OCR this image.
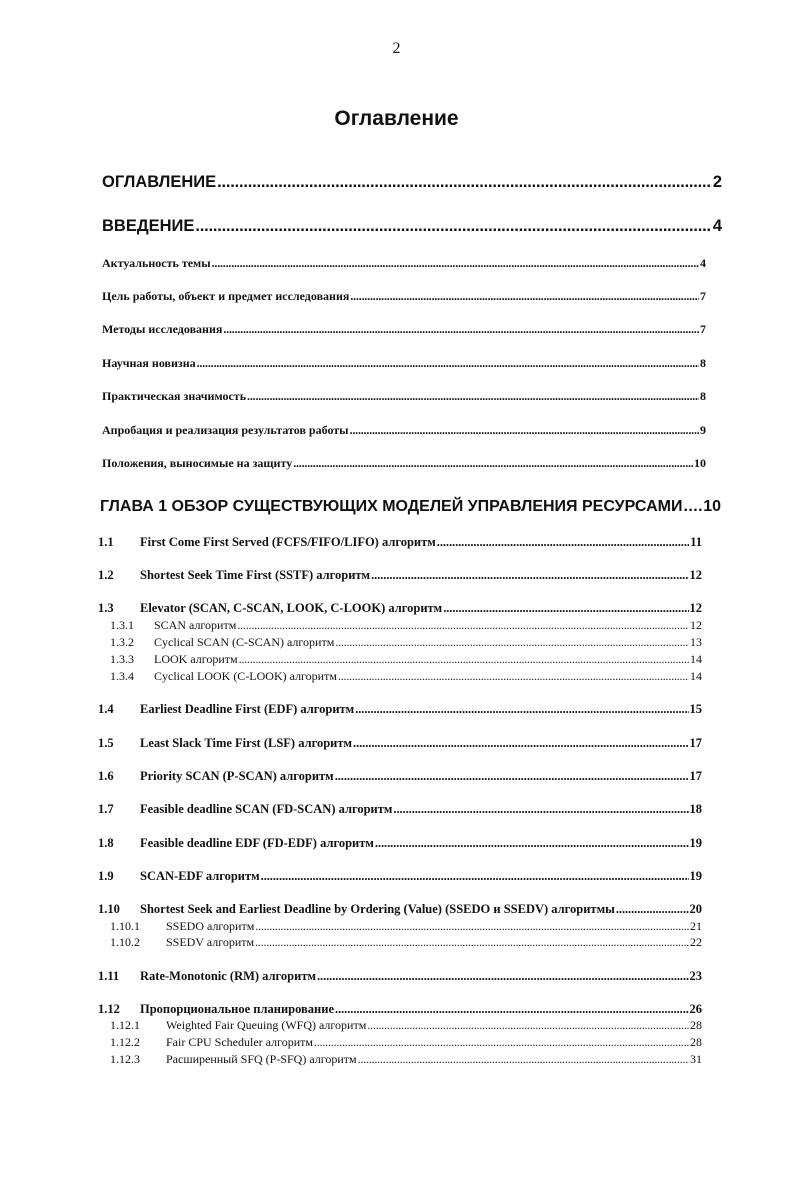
2
Оглавление
ОГЛАВЛЕНИЕ . . .	2
ВВЕДЕНИЕ . . .	4
Актуальность темы . . .	4
Цель работы, объект и предмет исследования . . .	7
Методы исследования . . .	7
Научная новизна . . .	8
Практическая значимость . . .	8
Апробация и реализация результатов работы . . .	9
Положения, выносимые на защиту . . .	10
ГЛАВА 1 ОБЗОР СУЩЕСТВУЮЩИХ МОДЕЛЕЙ УПРАВЛЕНИЯ РЕСУРСАМИ . . . 10
1.1	First Come First Served (FCFS/FIFO/LIFO) алгоритм . . .	11
1.2	Shortest Seek Time First (SSTF) алгоритм . . .	12
1.3	Elevator (SCAN, C-SCAN, LOOK, C-LOOK) алгоритм . . .	12
1.3.1	SCAN алгоритм . . .	12
1.3.2	Cyclical SCAN (C-SCAN) алгоритм . . .	13
1.3.3	LOOK алгоритм . . .	14
1.3.4	Cyclical LOOK (C-LOOK) алгоритм . . .	14
1.4	Earliest Deadline First (EDF) алгоритм . . .	15
1.5	Least Slack Time First (LSF) алгоритм . . .	17
1.6	Priority SCAN (P-SCAN) алгоритм . . .	17
1.7	Feasible deadline SCAN (FD-SCAN) алгоритм . . .	18
1.8	Feasible deadline EDF (FD-EDF) алгоритм . . .	19
1.9	SCAN-EDF алгоритм . . .	19
1.10	Shortest Seek and Earliest Deadline by Ordering (Value) (SSEDO и SSEDV) алгоритмы . . .	20
1.10.1	SSEDO алгоритм . . .	21
1.10.2	SSEDV алгоритм . . .	22
1.11	Rate-Monotonic (RM) алгоритм . . .	23
1.12	Пропорциональное планирование . . .	26
1.12.1	Weighted Fair Queuing (WFQ) алгоритм . . .	28
1.12.2	Fair CPU Scheduler алгоритм . . .	28
1.12.3	Расширенный SFQ (P-SFQ) алгоритм . . .	31
